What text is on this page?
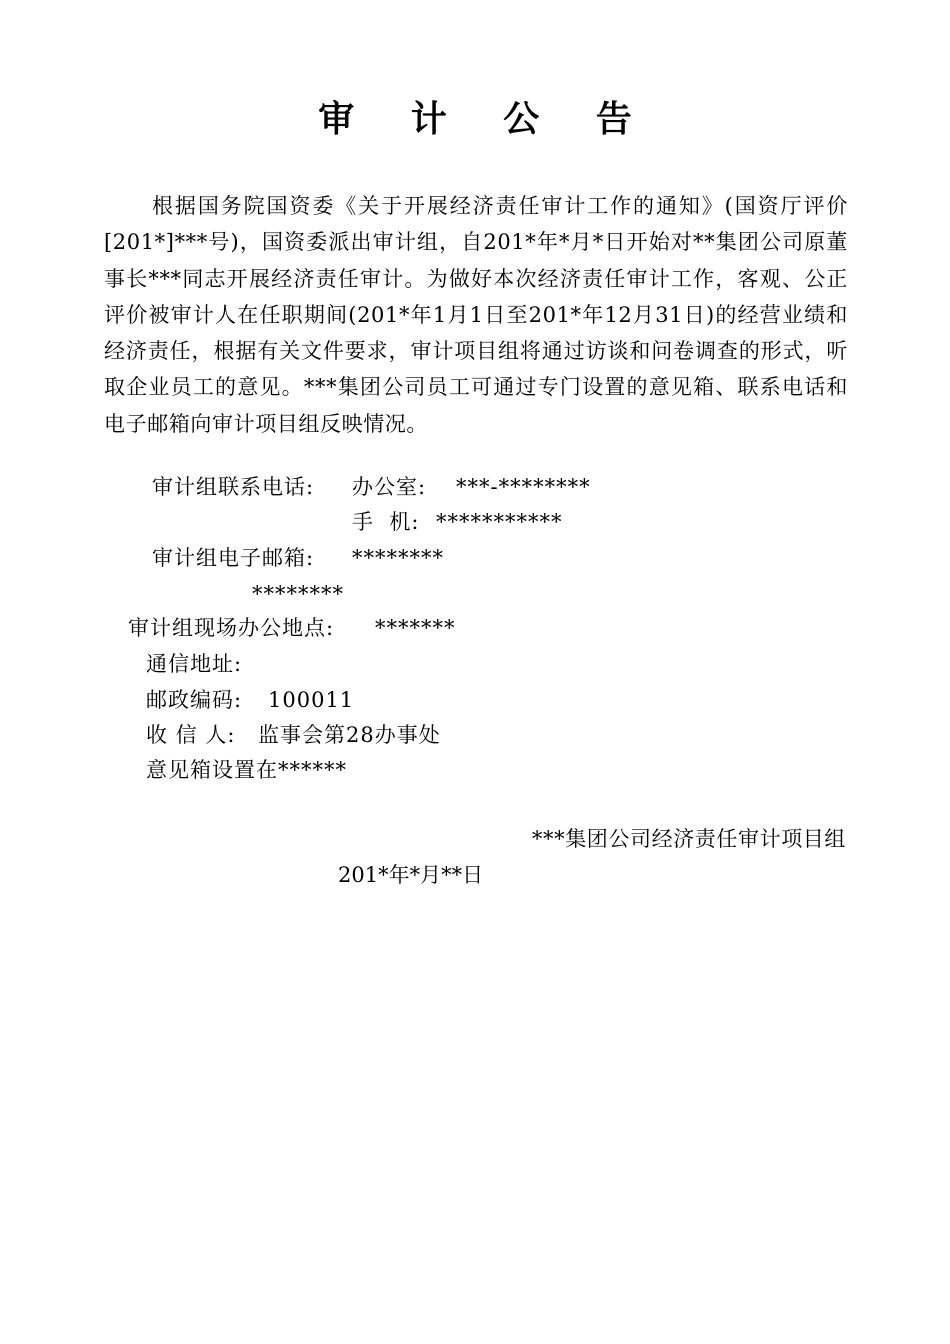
审 计 公 告
根据国务院国资委《关于开展经济责任审计工作的通知》(国资厅评价[201*]***号)，国资委派出审计组，自201*年*月*日开始对**集团公司原董事长***同志开展经济责任审计。为做好本次经济责任审计工作，客观、公正评价被审计人在任职期间(201*年1月1日至201*年12月31日)的经营业绩和经济责任，根据有关文件要求，审计项目组将通过访谈和问卷调查的形式，听取企业员工的意见。***集团公司员工可通过专门设置的意见箱、联系电话和电子邮箱向审计项目组反映情况。
审计组联系电话: 办公室: ***-********
手  机: ***********
审计组电子邮箱: ********
********
审计组现场办公地点: *******
通信地址:
邮政编码: 100011
收 信 人: 监事会第28办事处
意见箱设置在******
***集团公司经济责任审计项目组
201*年*月**日
